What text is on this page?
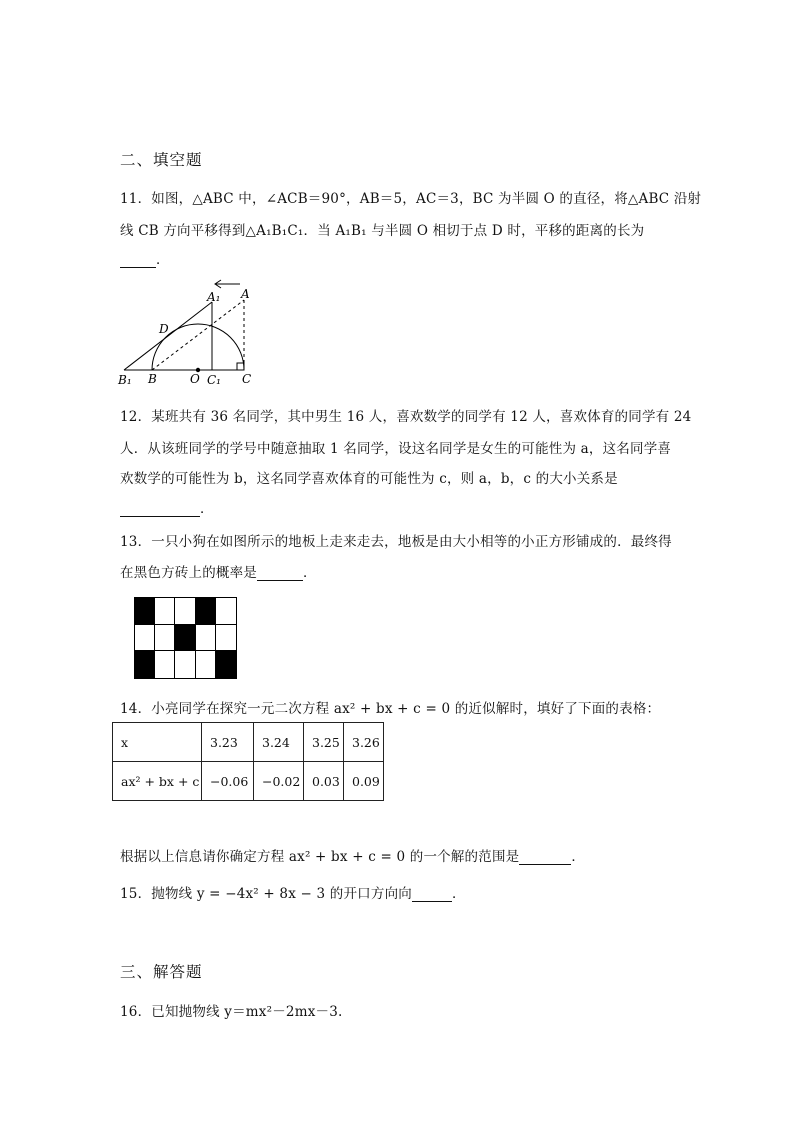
二、填空题
11．如图，△ABC 中，∠ACB＝90°，AB＝5，AC＝3，BC 为半圆 O 的直径，将△ABC 沿射
线 CB 方向平移得到△A₁B₁C₁．当 A₁B₁ 与半圆 O 相切于点 D 时，平移的距离的长为
．
A₁ A
D
B₁ B	O C₁ C
12．某班共有 36 名同学，其中男生 16 人，喜欢数学的同学有 12 人，喜欢体育的同学有 24
人．从该班同学的学号中随意抽取 1 名同学，设这名同学是女生的可能性为 a，这名同学喜
欢数学的可能性为 b，这名同学喜欢体育的可能性为 c，则 a，b，c 的大小关系是
．
13．一只小狗在如图所示的地板上走来走去，地板是由大小相等的小正方形铺成的．最终得
在黑色方砖上的概率是	．
14．小亮同学在探究一元二次方程 ax² + bx + c = 0 的近似解时，填好了下面的表格：
x	3.23	3.24	3.25	3.26
ax² + bx + c	−0.06	−0.02	0.03	0.09
根据以上信息请你确定方程 ax² + bx + c = 0 的一个解的范围是	．
15．抛物线 y = −4x² + 8x − 3 的开口方向向	．
三、解答题
16．已知抛物线 y＝mx²－2mx－3.
